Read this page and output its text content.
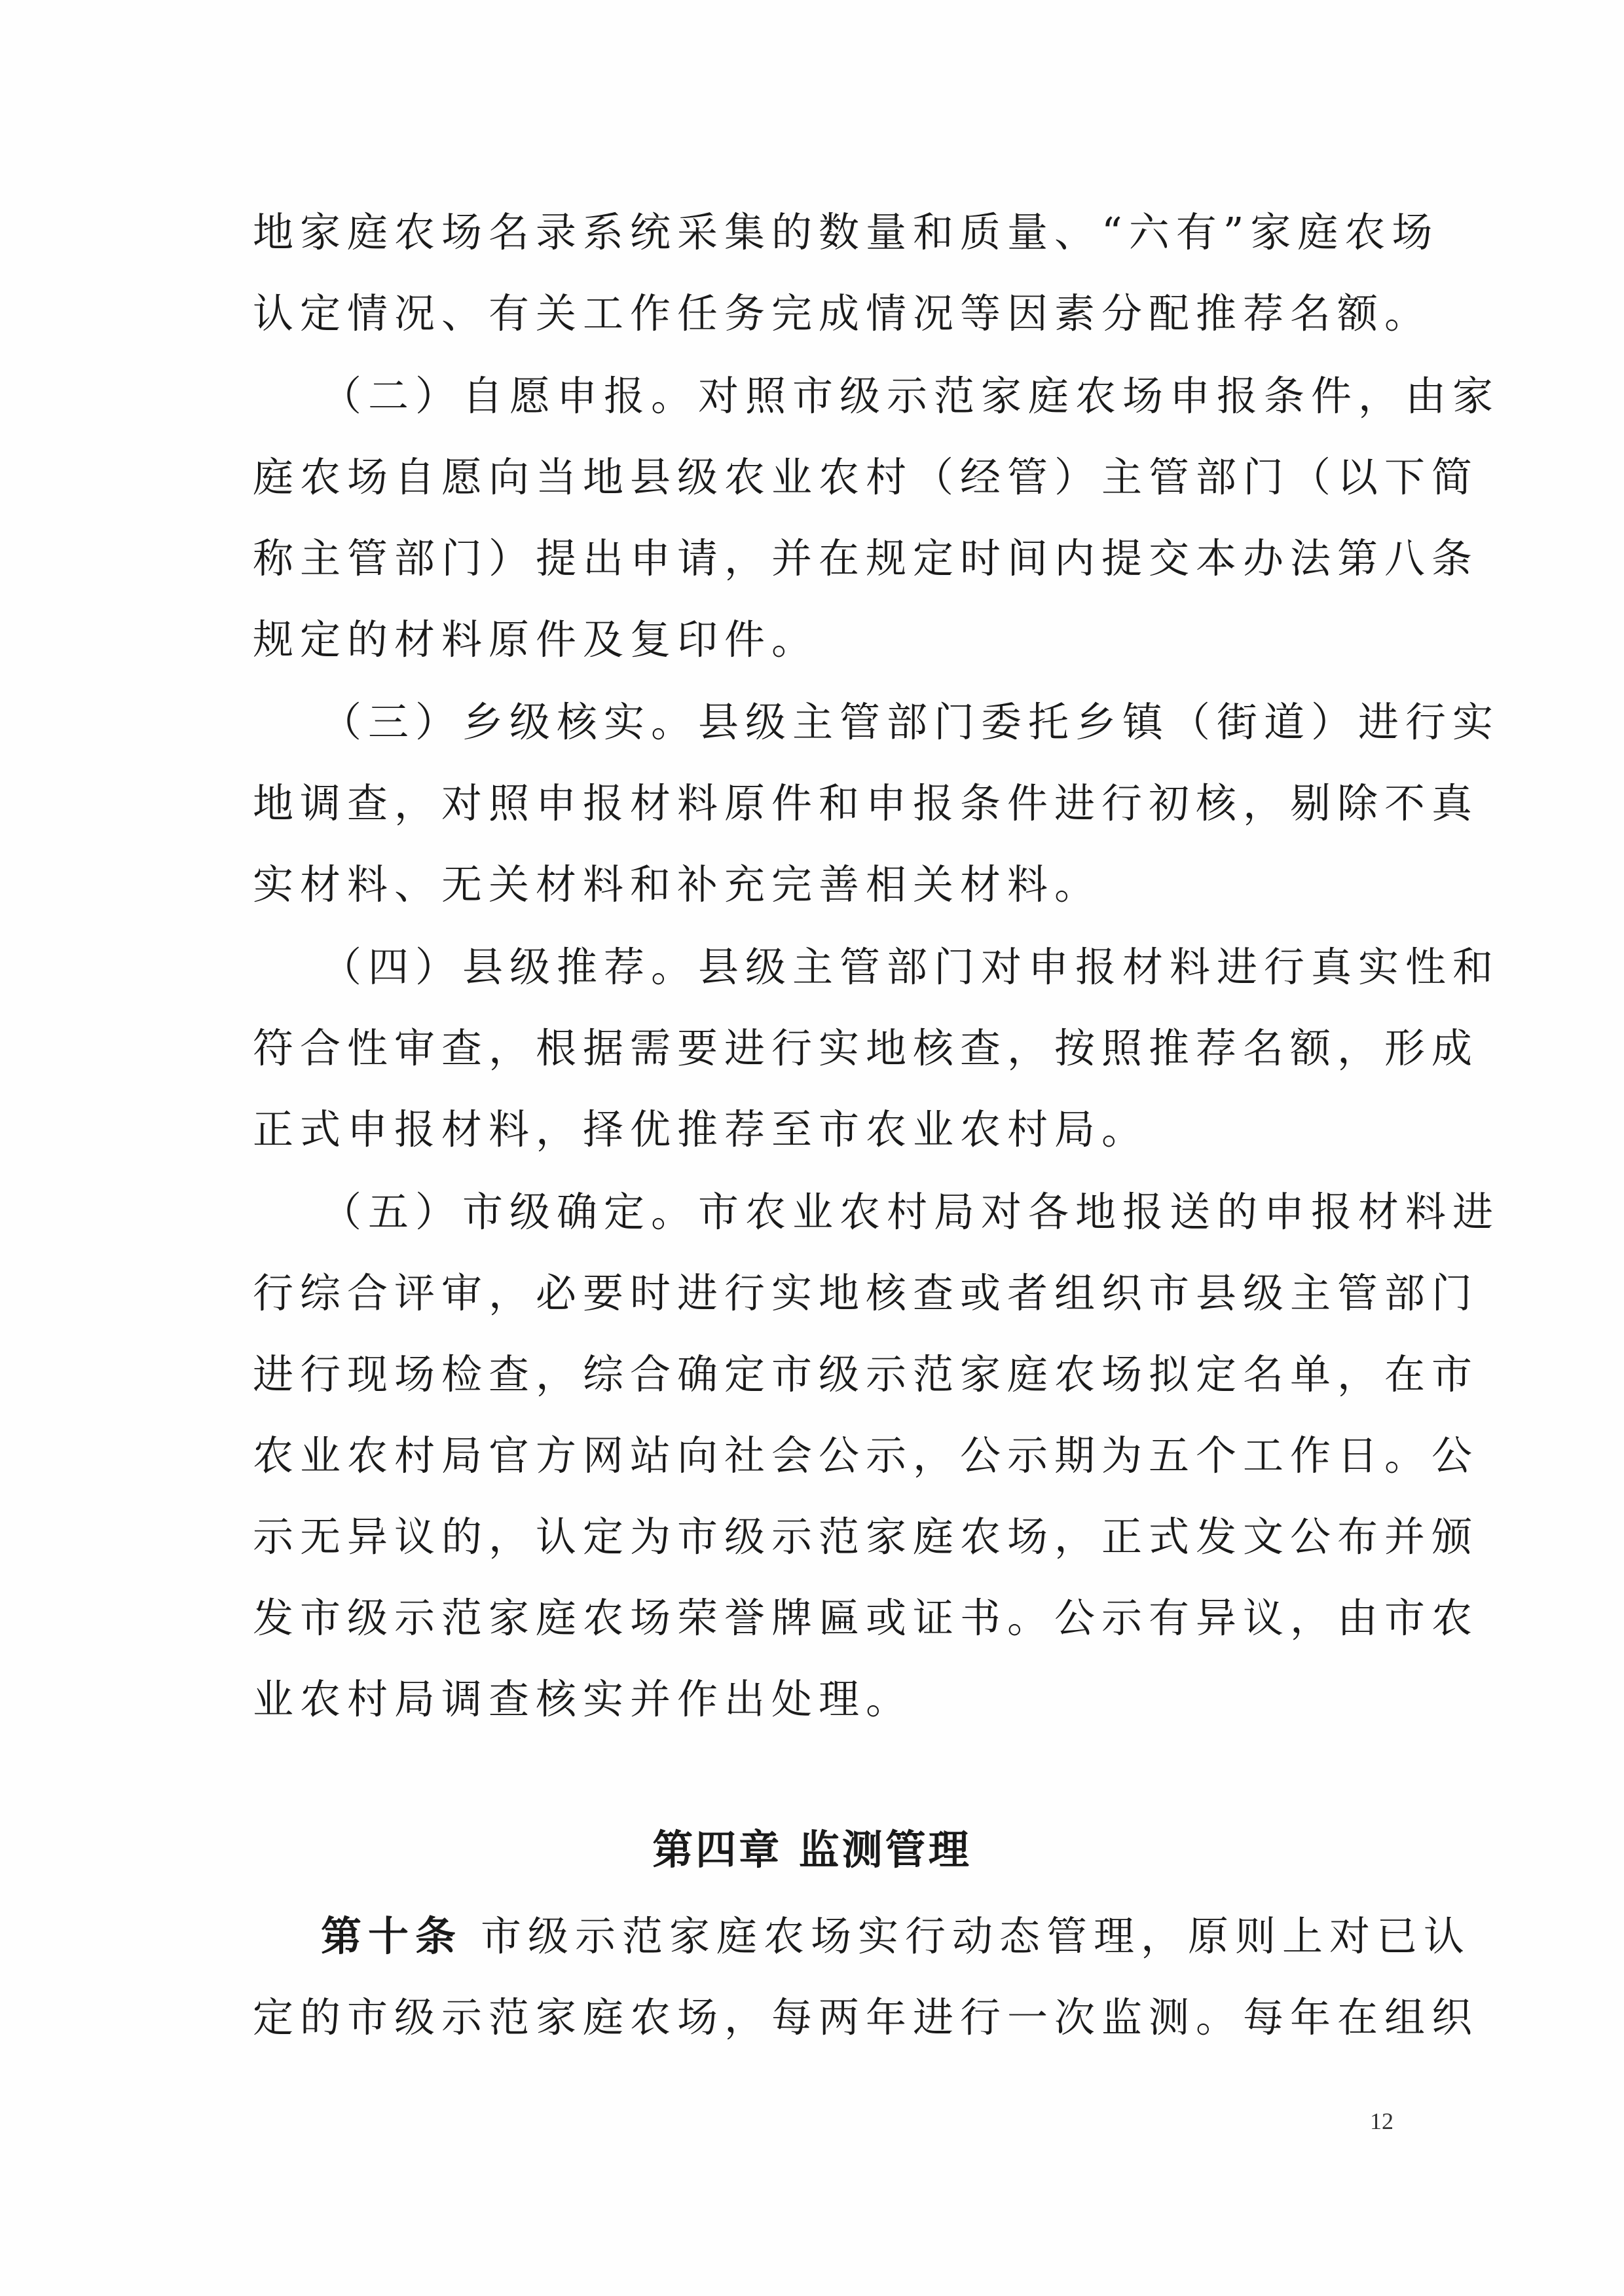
地家庭农场名录系统采集的数量和质量、“六有”家庭农场
认定情况、有关工作任务完成情况等因素分配推荐名额。
（二）自愿申报。对照市级示范家庭农场申报条件，由家
庭农场自愿向当地县级农业农村（经管）主管部门（以下简
称主管部门）提出申请，并在规定时间内提交本办法第八条
规定的材料原件及复印件。
（三）乡级核实。县级主管部门委托乡镇（街道）进行实
地调查，对照申报材料原件和申报条件进行初核，剔除不真
实材料、无关材料和补充完善相关材料。
（四）县级推荐。县级主管部门对申报材料进行真实性和
符合性审查，根据需要进行实地核查，按照推荐名额，形成
正式申报材料，择优推荐至市农业农村局。
（五）市级确定。市农业农村局对各地报送的申报材料进
行综合评审，必要时进行实地核查或者组织市县级主管部门
进行现场检查，综合确定市级示范家庭农场拟定名单，在市
农业农村局官方网站向社会公示，公示期为五个工作日。公
示无异议的，认定为市级示范家庭农场，正式发文公布并颁
发市级示范家庭农场荣誉牌匾或证书。公示有异议，由市农
业农村局调查核实并作出处理。
第四章 监测管理
第十条 市级示范家庭农场实行动态管理，原则上对已认
定的市级示范家庭农场，每两年进行一次监测。每年在组织
12
